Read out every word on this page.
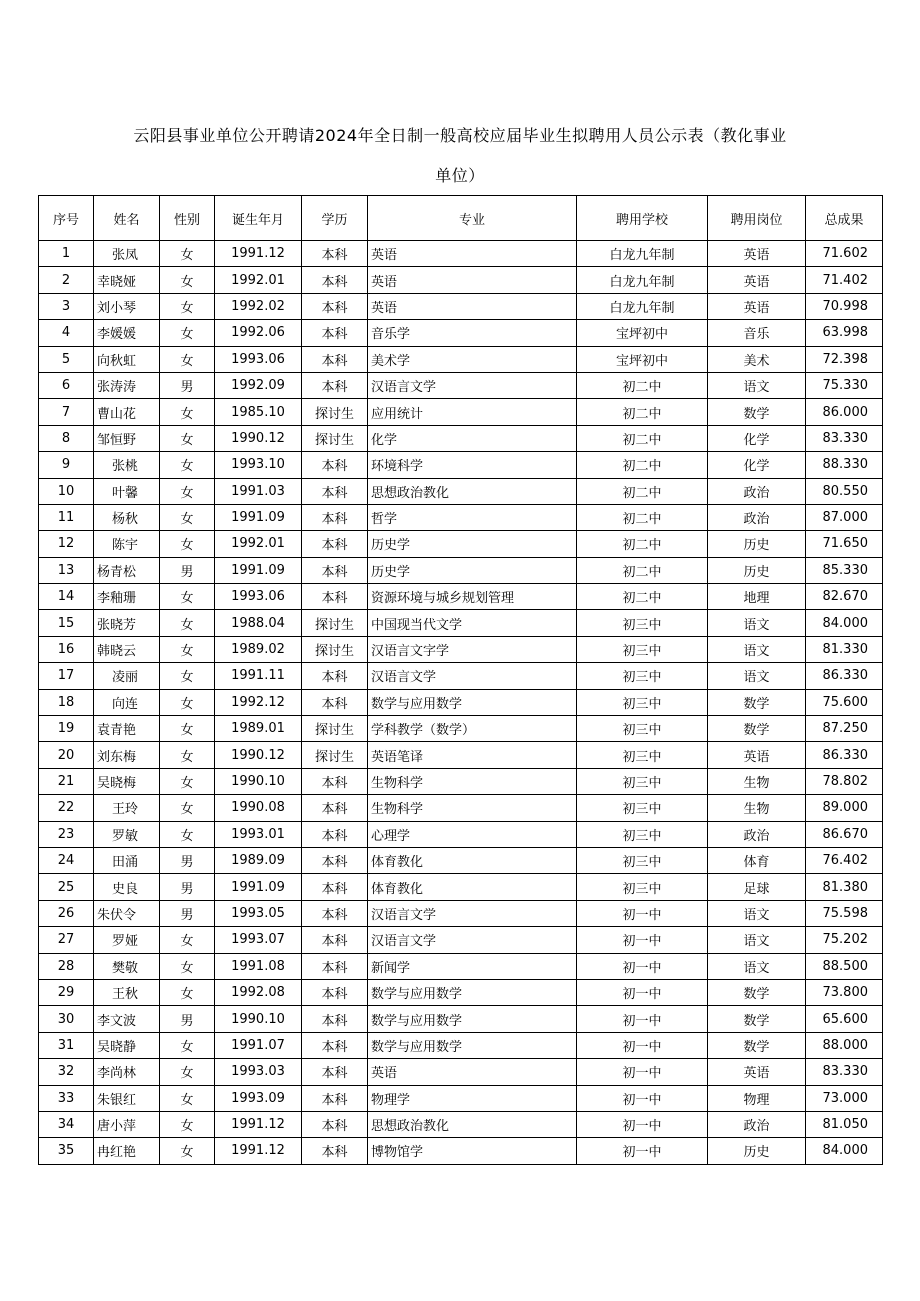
云阳县事业单位公开聘请2024年全日制一般高校应届毕业生拟聘用人员公示表（教化事业
单位）
序号	姓名	性别	诞生年月	学历	专业	聘用学校	聘用岗位	总成果
1	张凤	女	1991.12	本科	英语	白龙九年制	英语	71.602
2	幸晓娅	女	1992.01	本科	英语	白龙九年制	英语	71.402
3	刘小琴	女	1992.02	本科	英语	白龙九年制	英语	70.998
4	李媛媛	女	1992.06	本科	音乐学	宝坪初中	音乐	63.998
5	向秋虹	女	1993.06	本科	美术学	宝坪初中	美术	72.398
6	张涛涛	男	1992.09	本科	汉语言文学	初二中	语文	75.330
7	曹山花	女	1985.10	探讨生	应用统计	初二中	数学	86.000
8	邹恒野	女	1990.12	探讨生	化学	初二中	化学	83.330
9	张桃	女	1993.10	本科	环境科学	初二中	化学	88.330
10	叶馨	女	1991.03	本科	思想政治教化	初二中	政治	80.550
11	杨秋	女	1991.09	本科	哲学	初二中	政治	87.000
12	陈宇	女	1992.01	本科	历史学	初二中	历史	71.650
13	杨青松	男	1991.09	本科	历史学	初二中	历史	85.330
14	李釉珊	女	1993.06	本科	资源环境与城乡规划管理	初二中	地理	82.670
15	张晓芳	女	1988.04	探讨生	中国现当代文学	初三中	语文	84.000
16	韩晓云	女	1989.02	探讨生	汉语言文字学	初三中	语文	81.330
17	凌丽	女	1991.11	本科	汉语言文学	初三中	语文	86.330
18	向连	女	1992.12	本科	数学与应用数学	初三中	数学	75.600
19	袁青艳	女	1989.01	探讨生	学科教学（数学）	初三中	数学	87.250
20	刘东梅	女	1990.12	探讨生	英语笔译	初三中	英语	86.330
21	吴晓梅	女	1990.10	本科	生物科学	初三中	生物	78.802
22	王玲	女	1990.08	本科	生物科学	初三中	生物	89.000
23	罗敏	女	1993.01	本科	心理学	初三中	政治	86.670
24	田涌	男	1989.09	本科	体育教化	初三中	体育	76.402
25	史良	男	1991.09	本科	体育教化	初三中	足球	81.380
26	朱伏令	男	1993.05	本科	汉语言文学	初一中	语文	75.598
27	罗娅	女	1993.07	本科	汉语言文学	初一中	语文	75.202
28	樊敬	女	1991.08	本科	新闻学	初一中	语文	88.500
29	王秋	女	1992.08	本科	数学与应用数学	初一中	数学	73.800
30	李文波	男	1990.10	本科	数学与应用数学	初一中	数学	65.600
31	吴晓静	女	1991.07	本科	数学与应用数学	初一中	数学	88.000
32	李尚林	女	1993.03	本科	英语	初一中	英语	83.330
33	朱银红	女	1993.09	本科	物理学	初一中	物理	73.000
34	唐小萍	女	1991.12	本科	思想政治教化	初一中	政治	81.050
35	冉红艳	女	1991.12	本科	博物馆学	初一中	历史	84.000
